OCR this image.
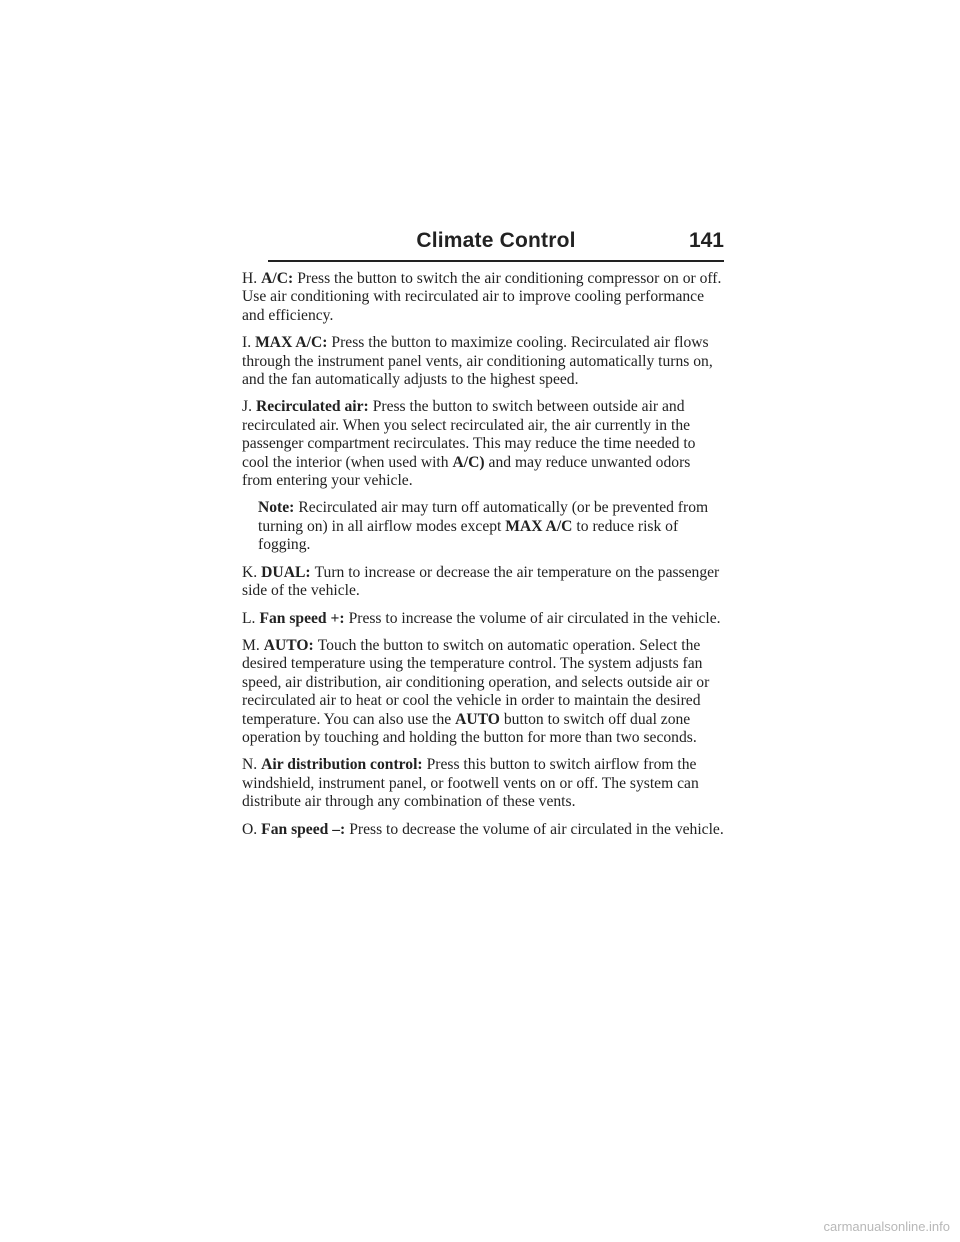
Climate Control	141

H. A/C: Press the button to switch the air conditioning compressor on or off. Use air conditioning with recirculated air to improve cooling performance and efficiency.

I. MAX A/C: Press the button to maximize cooling. Recirculated air flows through the instrument panel vents, air conditioning automatically turns on, and the fan automatically adjusts to the highest speed.

J. Recirculated air: Press the button to switch between outside air and recirculated air. When you select recirculated air, the air currently in the passenger compartment recirculates. This may reduce the time needed to cool the interior (when used with A/C) and may reduce unwanted odors from entering your vehicle.

Note: Recirculated air may turn off automatically (or be prevented from turning on) in all airflow modes except MAX A/C to reduce risk of fogging.

K. DUAL: Turn to increase or decrease the air temperature on the passenger side of the vehicle.

L. Fan speed +: Press to increase the volume of air circulated in the vehicle.

M. AUTO: Touch the button to switch on automatic operation. Select the desired temperature using the temperature control. The system adjusts fan speed, air distribution, air conditioning operation, and selects outside air or recirculated air to heat or cool the vehicle in order to maintain the desired temperature. You can also use the AUTO button to switch off dual zone operation by touching and holding the button for more than two seconds.

N. Air distribution control: Press this button to switch airflow from the windshield, instrument panel, or footwell vents on or off. The system can distribute air through any combination of these vents.

O. Fan speed –: Press to decrease the volume of air circulated in the vehicle.

carmanualsonline.info
